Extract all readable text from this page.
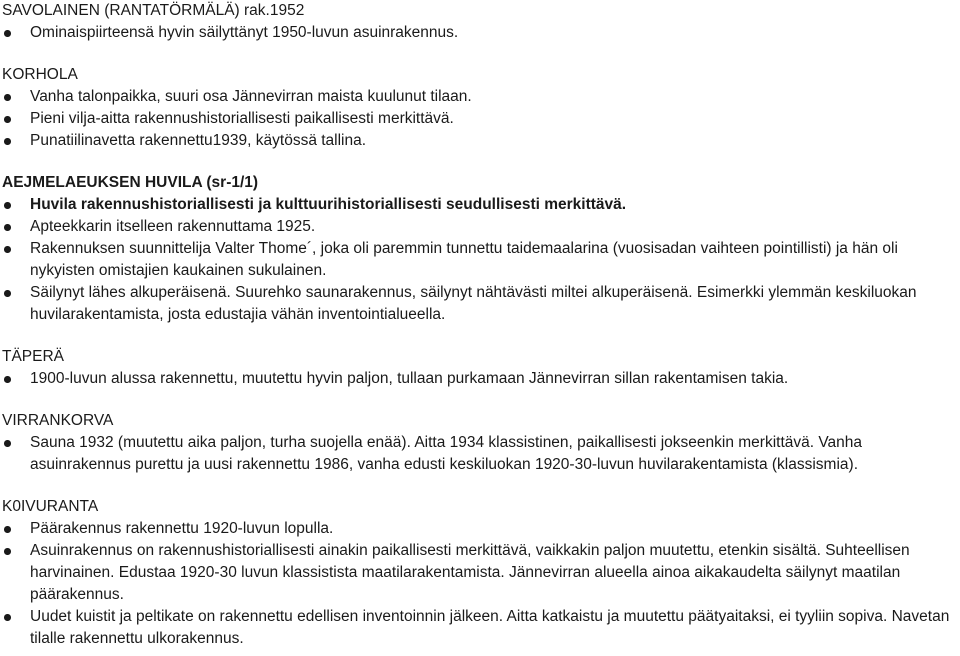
SAVOLAINEN (RANTATÖRMÄLÄ) rak.1952

Ominaispiirteensä hyvin säilyttänyt 1950-luvun asuinrakennus.

KORHOLA

Vanha talonpaikka, suuri osa Jännevirran maista kuulunut tilaan.
Pieni vilja-aitta rakennushistoriallisesti paikallisesti merkittävä.
Punatiilinavetta rakennettu1939, käytössä tallina.

AEJMELAEUKSEN HUVILA (sr-1/1)

Huvila rakennushistoriallisesti ja kulttuurihistoriallisesti seudullisesti merkittävä.
Apteekkarin itselleen rakennuttama 1925.
Rakennuksen suunnittelija Valter Thome´, joka oli paremmin tunnettu taidemaalarina (vuosisadan vaihteen pointillisti) ja hän oli nykyisten omistajien kaukainen sukulainen.
Säilynyt lähes alkuperäisenä. Suurehko saunarakennus, säilynyt nähtävästi miltei alkuperäisenä. Esimerkki ylemmän keskiluokan huvilarakentamista, josta edustajia vähän inventointialueella.

TÄPERÄ

1900-luvun alussa rakennettu, muutettu hyvin paljon, tullaan purkamaan Jännevirran sillan rakentamisen takia.

VIRRANKORVA

Sauna 1932 (muutettu aika paljon, turha suojella enää). Aitta 1934 klassistinen, paikallisesti jokseenkin merkittävä. Vanha asuinrakennus purettu ja uusi rakennettu 1986, vanha edusti keskiluokan 1920-30-luvun huvilarakentamista (klassismia).

K0IVURANTA

Päärakennus rakennettu 1920-luvun lopulla.
Asuinrakennus on rakennushistoriallisesti ainakin paikallisesti merkittävä, vaikkakin paljon muutettu, etenkin sisältä. Suhteellisen harvinainen. Edustaa 1920-30 luvun klassistista maatilarakentamista. Jännevirran alueella ainoa aikakaudelta säilynyt maatilan päärakennus.
Uudet kuistit ja peltikate on rakennettu edellisen inventoinnin jälkeen. Aitta katkaistu ja muutettu päätyaitaksi, ei tyyliin sopiva. Navetan tilalle rakennettu ulkorakennus.
